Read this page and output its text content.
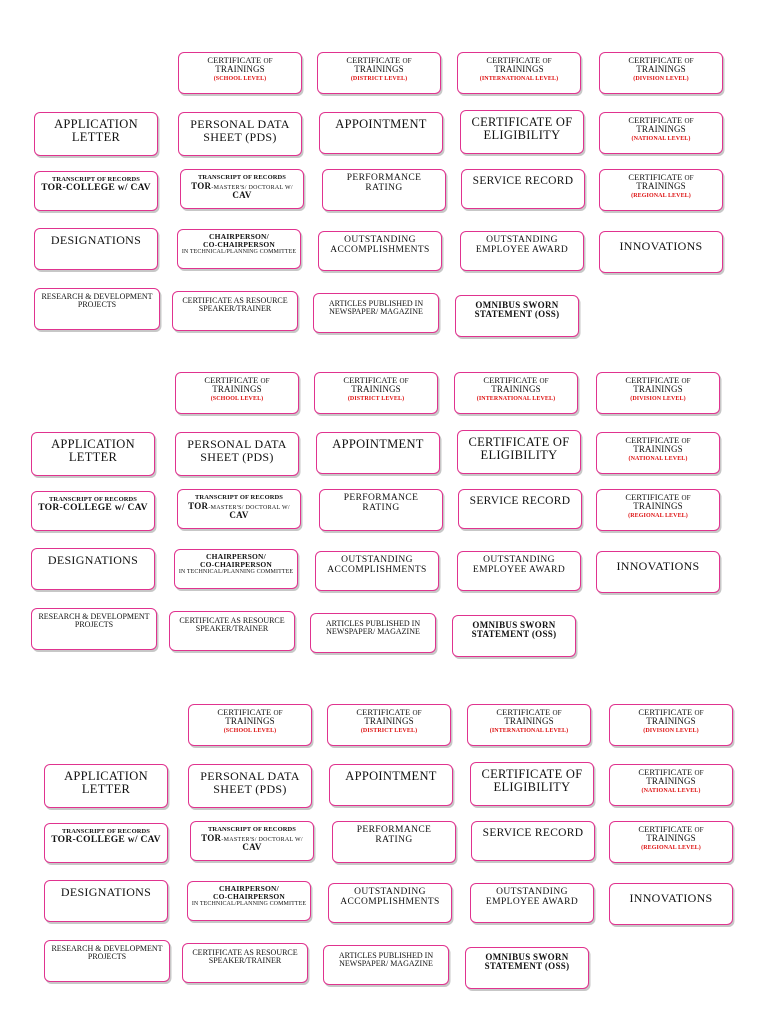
CERTIFICATE OF
TRAININGS
(SCHOOL LEVEL)
CERTIFICATE OF
TRAININGS
(DISTRICT LEVEL)
CERTIFICATE OF
TRAININGS
(INTERNATIONAL LEVEL)
CERTIFICATE OF
TRAININGS
(DIVISION LEVEL)
APPLICATION
LETTER
PERSONAL DATA
SHEET (PDS)
APPOINTMENT	CERTIFICATE OF
ELIGIBILITY
CERTIFICATE OF
TRAININGS
(NATIONAL LEVEL)
TRANSCRIPT OF RECORDS
TOR-COLLEGE w/ CAV
TRANSCRIPT OF RECORDS
TOR-MASTER'S/ DOCTORAL W/ CAV
PERFORMANCE
RATING
SERVICE RECORD	CERTIFICATE OF
TRAININGS
(REGIONAL LEVEL)
DESIGNATIONS	CHAIRPERSON/
CO-CHAIRPERSON
IN TECHNICAL/PLANNING COMMITTEE
OUTSTANDING
ACCOMPLISHMENTS
OUTSTANDING
EMPLOYEE AWARD	INNOVATIONS
RESEARCH & DEVELOPMENT
PROJECTS	CERTIFICATE AS RESOURCE
SPEAKER/TRAINER
ARTICLES PUBLISHED IN
NEWSPAPER/ MAGAZINE
OMNIBUS SWORN
STATEMENT (OSS)
CERTIFICATE OF
TRAININGS
(SCHOOL LEVEL)
CERTIFICATE OF
TRAININGS
(DISTRICT LEVEL)
CERTIFICATE OF
TRAININGS
(INTERNATIONAL LEVEL)
CERTIFICATE OF
TRAININGS
(DIVISION LEVEL)
APPLICATION
LETTER
PERSONAL DATA
SHEET (PDS)
APPOINTMENT	CERTIFICATE OF
ELIGIBILITY
CERTIFICATE OF
TRAININGS
(NATIONAL LEVEL)
TRANSCRIPT OF RECORDS
TOR-COLLEGE w/ CAV
TRANSCRIPT OF RECORDS
TOR-MASTER'S/ DOCTORAL W/ CAV
PERFORMANCE
RATING
SERVICE RECORD	CERTIFICATE OF
TRAININGS
(REGIONAL LEVEL)
DESIGNATIONS	CHAIRPERSON/
CO-CHAIRPERSON
IN TECHNICAL/PLANNING COMMITTEE
OUTSTANDING
ACCOMPLISHMENTS
OUTSTANDING
EMPLOYEE AWARD	INNOVATIONS
RESEARCH & DEVELOPMENT
PROJECTS	CERTIFICATE AS RESOURCE
SPEAKER/TRAINER
ARTICLES PUBLISHED IN
NEWSPAPER/ MAGAZINE
OMNIBUS SWORN
STATEMENT (OSS)
CERTIFICATE OF
TRAININGS
(SCHOOL LEVEL)
CERTIFICATE OF
TRAININGS
(DISTRICT LEVEL)
CERTIFICATE OF
TRAININGS
(INTERNATIONAL LEVEL)
CERTIFICATE OF
TRAININGS
(DIVISION LEVEL)
APPLICATION
LETTER
PERSONAL DATA
SHEET (PDS)
APPOINTMENT	CERTIFICATE OF
ELIGIBILITY
CERTIFICATE OF
TRAININGS
(NATIONAL LEVEL)
TRANSCRIPT OF RECORDS
TOR-COLLEGE w/ CAV
TRANSCRIPT OF RECORDS
TOR-MASTER'S/ DOCTORAL W/ CAV
PERFORMANCE
RATING
SERVICE RECORD	CERTIFICATE OF
TRAININGS
(REGIONAL LEVEL)
DESIGNATIONS	CHAIRPERSON/
CO-CHAIRPERSON
IN TECHNICAL/PLANNING COMMITTEE
OUTSTANDING
ACCOMPLISHMENTS
OUTSTANDING
EMPLOYEE AWARD	INNOVATIONS
RESEARCH & DEVELOPMENT
PROJECTS	CERTIFICATE AS RESOURCE
SPEAKER/TRAINER
ARTICLES PUBLISHED IN
NEWSPAPER/ MAGAZINE
OMNIBUS SWORN
STATEMENT (OSS)
